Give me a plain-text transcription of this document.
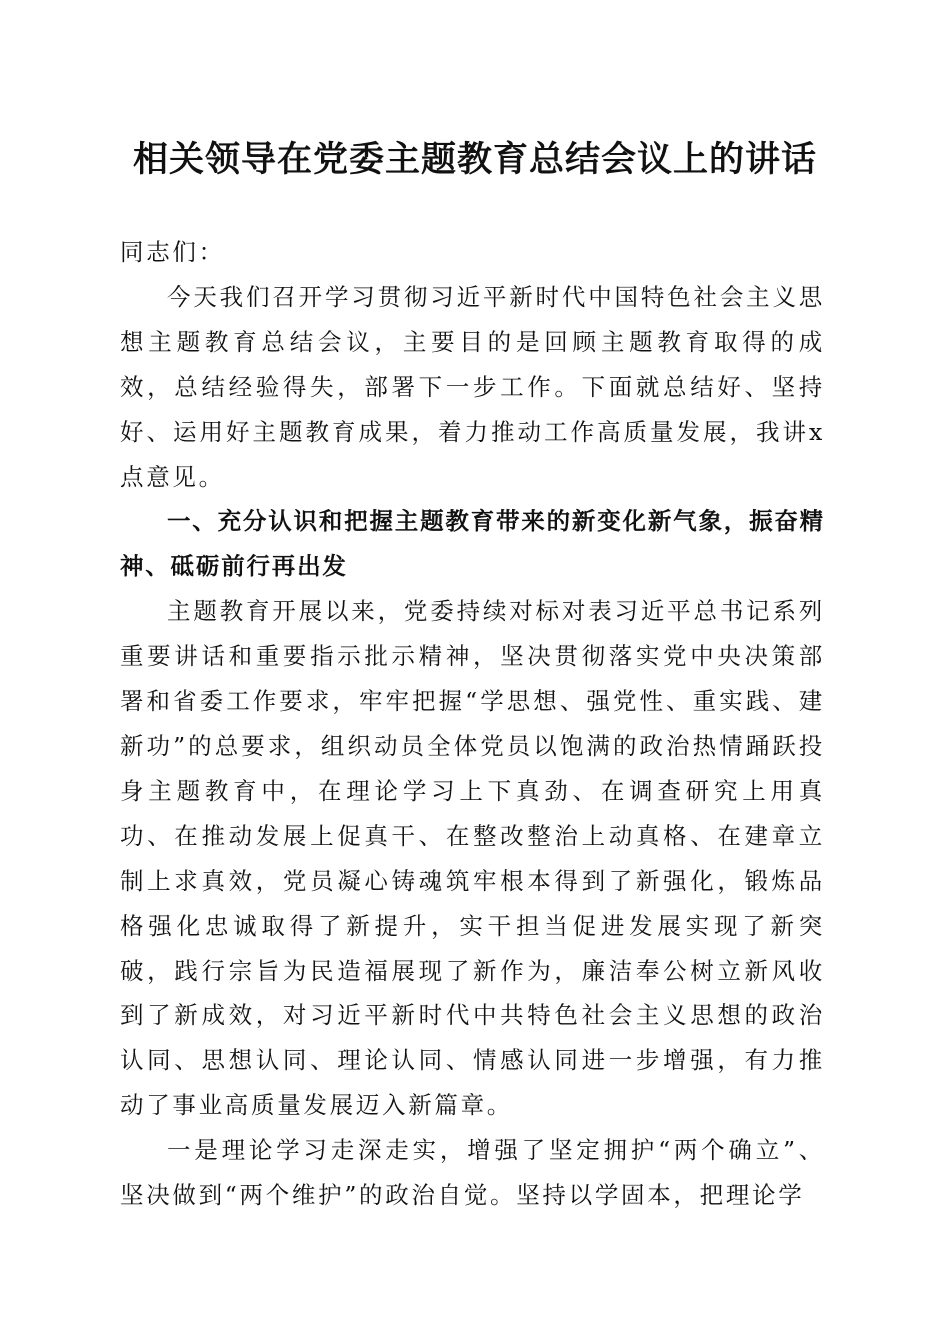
相关领导在党委主题教育总结会议上的讲话

同志们：

今天我们召开学习贯彻习近平新时代中国特色社会主义思想主题教育总结会议，主要目的是回顾主题教育取得的成效，总结经验得失，部署下一步工作。下面就总结好、坚持好、运用好主题教育成果，着力推动工作高质量发展，我讲x点意见。

一、充分认识和把握主题教育带来的新变化新气象，振奋精神、砥砺前行再出发

主题教育开展以来，党委持续对标对表习近平总书记系列重要讲话和重要指示批示精神，坚决贯彻落实党中央决策部署和省委工作要求，牢牢把握“学思想、强党性、重实践、建新功”的总要求，组织动员全体党员以饱满的政治热情踊跃投身主题教育中，在理论学习上下真劲、在调查研究上用真功、在推动发展上促真干、在整改整治上动真格、在建章立制上求真效，党员凝心铸魂筑牢根本得到了新强化，锻炼品格强化忠诚取得了新提升，实干担当促进发展实现了新突破，践行宗旨为民造福展现了新作为，廉洁奉公树立新风收到了新成效，对习近平新时代中共特色社会主义思想的政治认同、思想认同、理论认同、情感认同进一步增强，有力推动了事业高质量发展迈入新篇章。

一是理论学习走深走实，增强了坚定拥护“两个确立”、坚决做到“两个维护”的政治自觉。坚持以学固本，把理论学
